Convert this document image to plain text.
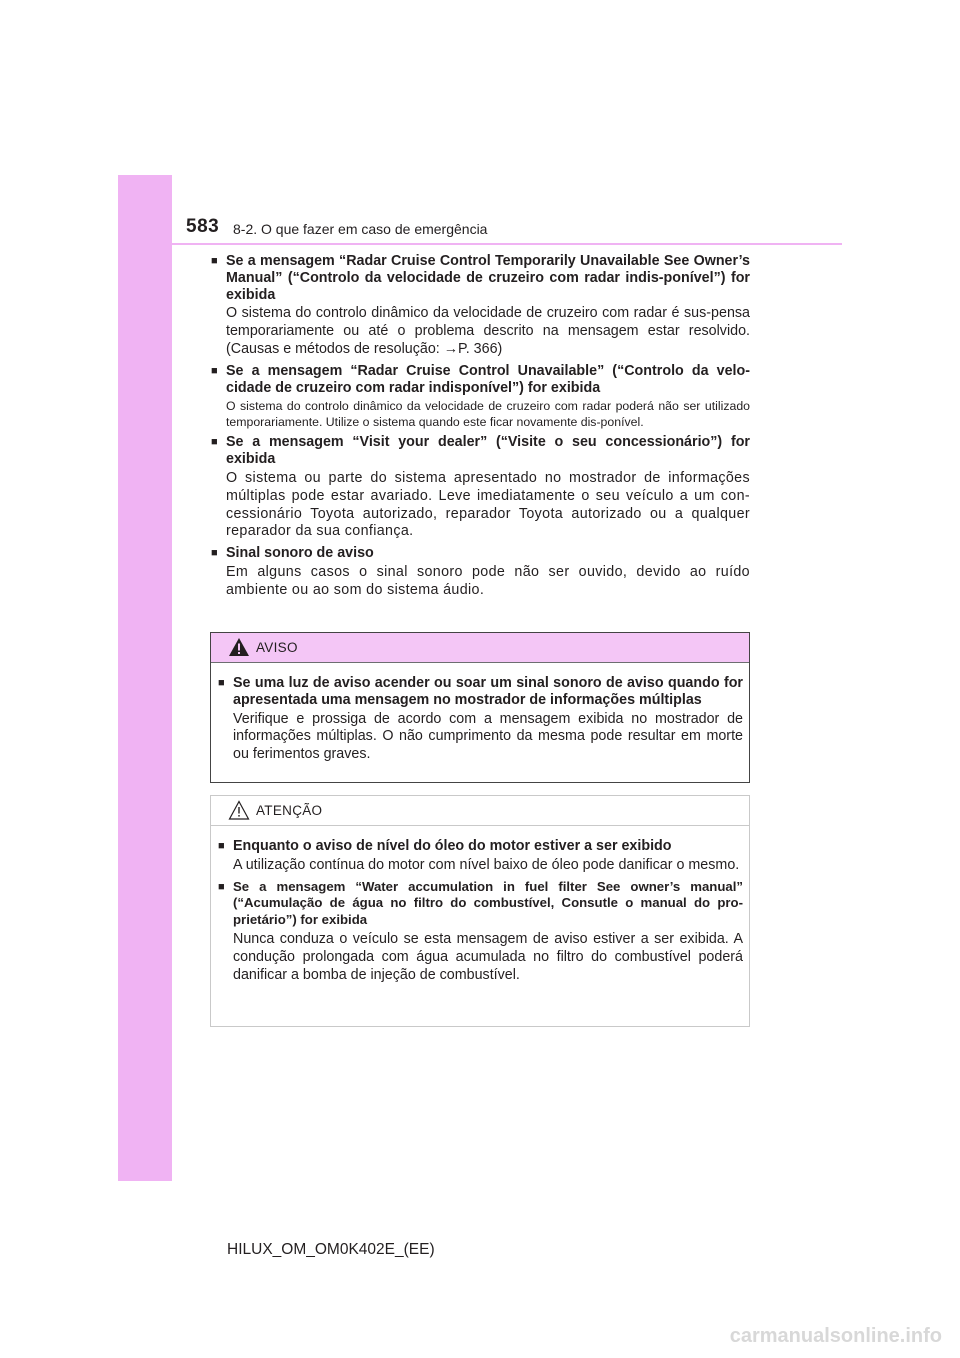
583 8-2. O que fazer em caso de emergência
■ Se a mensagem “Radar Cruise Control Temporarily Unavailable See Owner’s Manual” (“Controlo da velocidade de cruzeiro com radar indis-ponível”) for exibida
O sistema do controlo dinâmico da velocidade de cruzeiro com radar é sus-pensa temporariamente ou até o problema descrito na mensagem estar resolvido. (Causas e métodos de resolução: →P. 366)
■ Se a mensagem “Radar Cruise Control Unavailable” (“Controlo da velo-cidade de cruzeiro com radar indisponível”) for exibida
O sistema do controlo dinâmico da velocidade de cruzeiro com radar poderá não ser utilizado temporariamente. Utilize o sistema quando este ficar novamente dis-ponível.
■ Se a mensagem “Visit your dealer” (“Visite o seu concessionário”) for exibida
O sistema ou parte do sistema apresentado no mostrador de informações múltiplas pode estar avariado. Leve imediatamente o seu veículo a um con-cessionário Toyota autorizado, reparador Toyota autorizado ou a qualquer reparador da sua confiança.
■ Sinal sonoro de aviso
Em alguns casos o sinal sonoro pode não ser ouvido, devido ao ruído ambiente ou ao som do sistema áudio.
AVISO
■ Se uma luz de aviso acender ou soar um sinal sonoro de aviso quando for apresentada uma mensagem no mostrador de informações múltiplas
Verifique e prossiga de acordo com a mensagem exibida no mostrador de informações múltiplas. O não cumprimento da mesma pode resultar em morte ou ferimentos graves.
ATENÇÃO
■ Enquanto o aviso de nível do óleo do motor estiver a ser exibido
A utilização contínua do motor com nível baixo de óleo pode danificar o mesmo.
■ Se a mensagem “Water accumulation in fuel filter See owner’s manual” (“Acumulação de água no filtro do combustível, Consutle o manual do pro-prietário”) for exibida
Nunca conduza o veículo se esta mensagem de aviso estiver a ser exibida. A condução prolongada com água acumulada no filtro do combustível poderá danificar a bomba de injeção de combustível.
HILUX_OM_OM0K402E_(EE)
carmanualsonline.info
